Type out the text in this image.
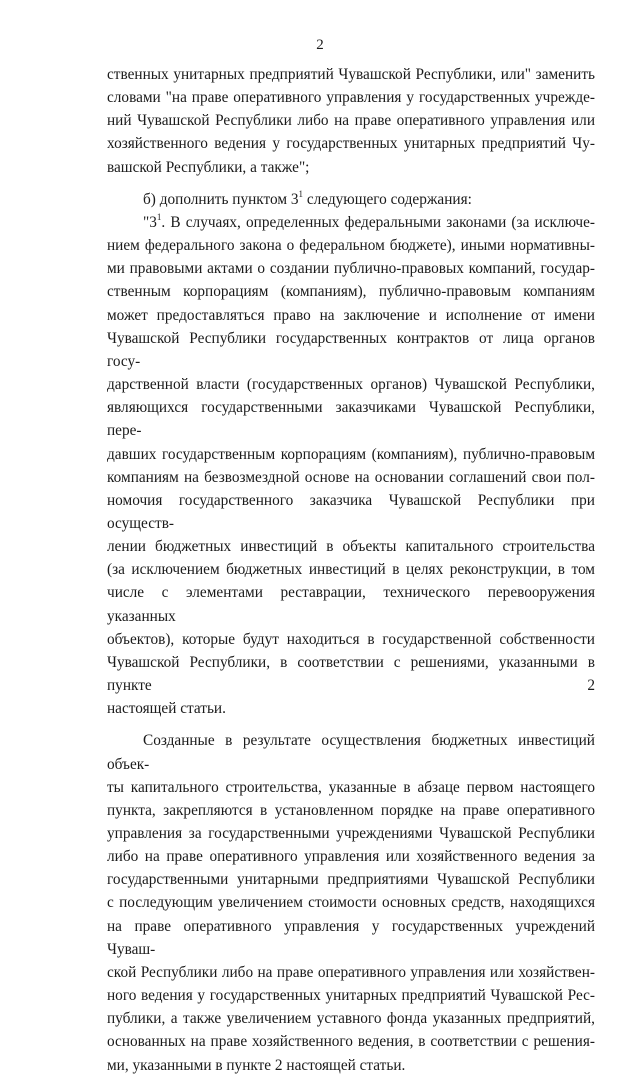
2

ственных унитарных предприятий Чувашской Республики, или" заменить

словами "на праве оперативного управления у государственных учрежде-

ний Чувашской Республики либо на праве оперативного управления или

хозяйственного ведения у государственных унитарных предприятий Чу-

вашской Республики, а также";

б) дополнить пунктом $3^1$ следующего содержания:

"$3^1$. В случаях, определенных федеральными законами (за исключе-

нием федерального закона о федеральном бюджете), иными нормативны-

ми правовыми актами о создании публично-правовых компаний, государ-

ственным корпорациям (компаниям), публично-правовым компаниям

может предоставляться право на заключение и исполнение от имени

Чувашской Республики государственных контрактов от лица органов госу-

дарственной власти (государственных органов) Чувашской Республики,

являющихся государственными заказчиками Чувашской Республики, пере-

давших государственным корпорациям (компаниям), публично-правовым

компаниям на безвозмездной основе на основании соглашений свои пол-

номочия государственного заказчика Чувашской Республики при осуществ-

лении бюджетных инвестиций в объекты капитального строительства

(за исключением бюджетных инвестиций в целях реконструкции, в том

числе с элементами реставрации, технического перевооружения указанных

объектов), которые будут находиться в государственной собственности

Чувашской Республики, в соответствии с решениями, указанными в пункте 2

настоящей статьи.

Созданные в результате осуществления бюджетных инвестиций объек-

ты капитального строительства, указанные в абзаце первом настоящего

пункта, закрепляются в установленном порядке на праве оперативного

управления за государственными учреждениями Чувашской Республики

либо на праве оперативного управления или хозяйственного ведения за

государственными унитарными предприятиями Чувашской Республики

с последующим увеличением стоимости основных средств, находящихся

на праве оперативного управления у государственных учреждений Чуваш-

ской Республики либо на праве оперативного управления или хозяйствен-

ного ведения у государственных унитарных предприятий Чувашской Рес-

публики, а также увеличением уставного фонда указанных предприятий,

основанных на праве хозяйственного ведения, в соответствии с решения-

ми, указанными в пункте 2 настоящей статьи.
